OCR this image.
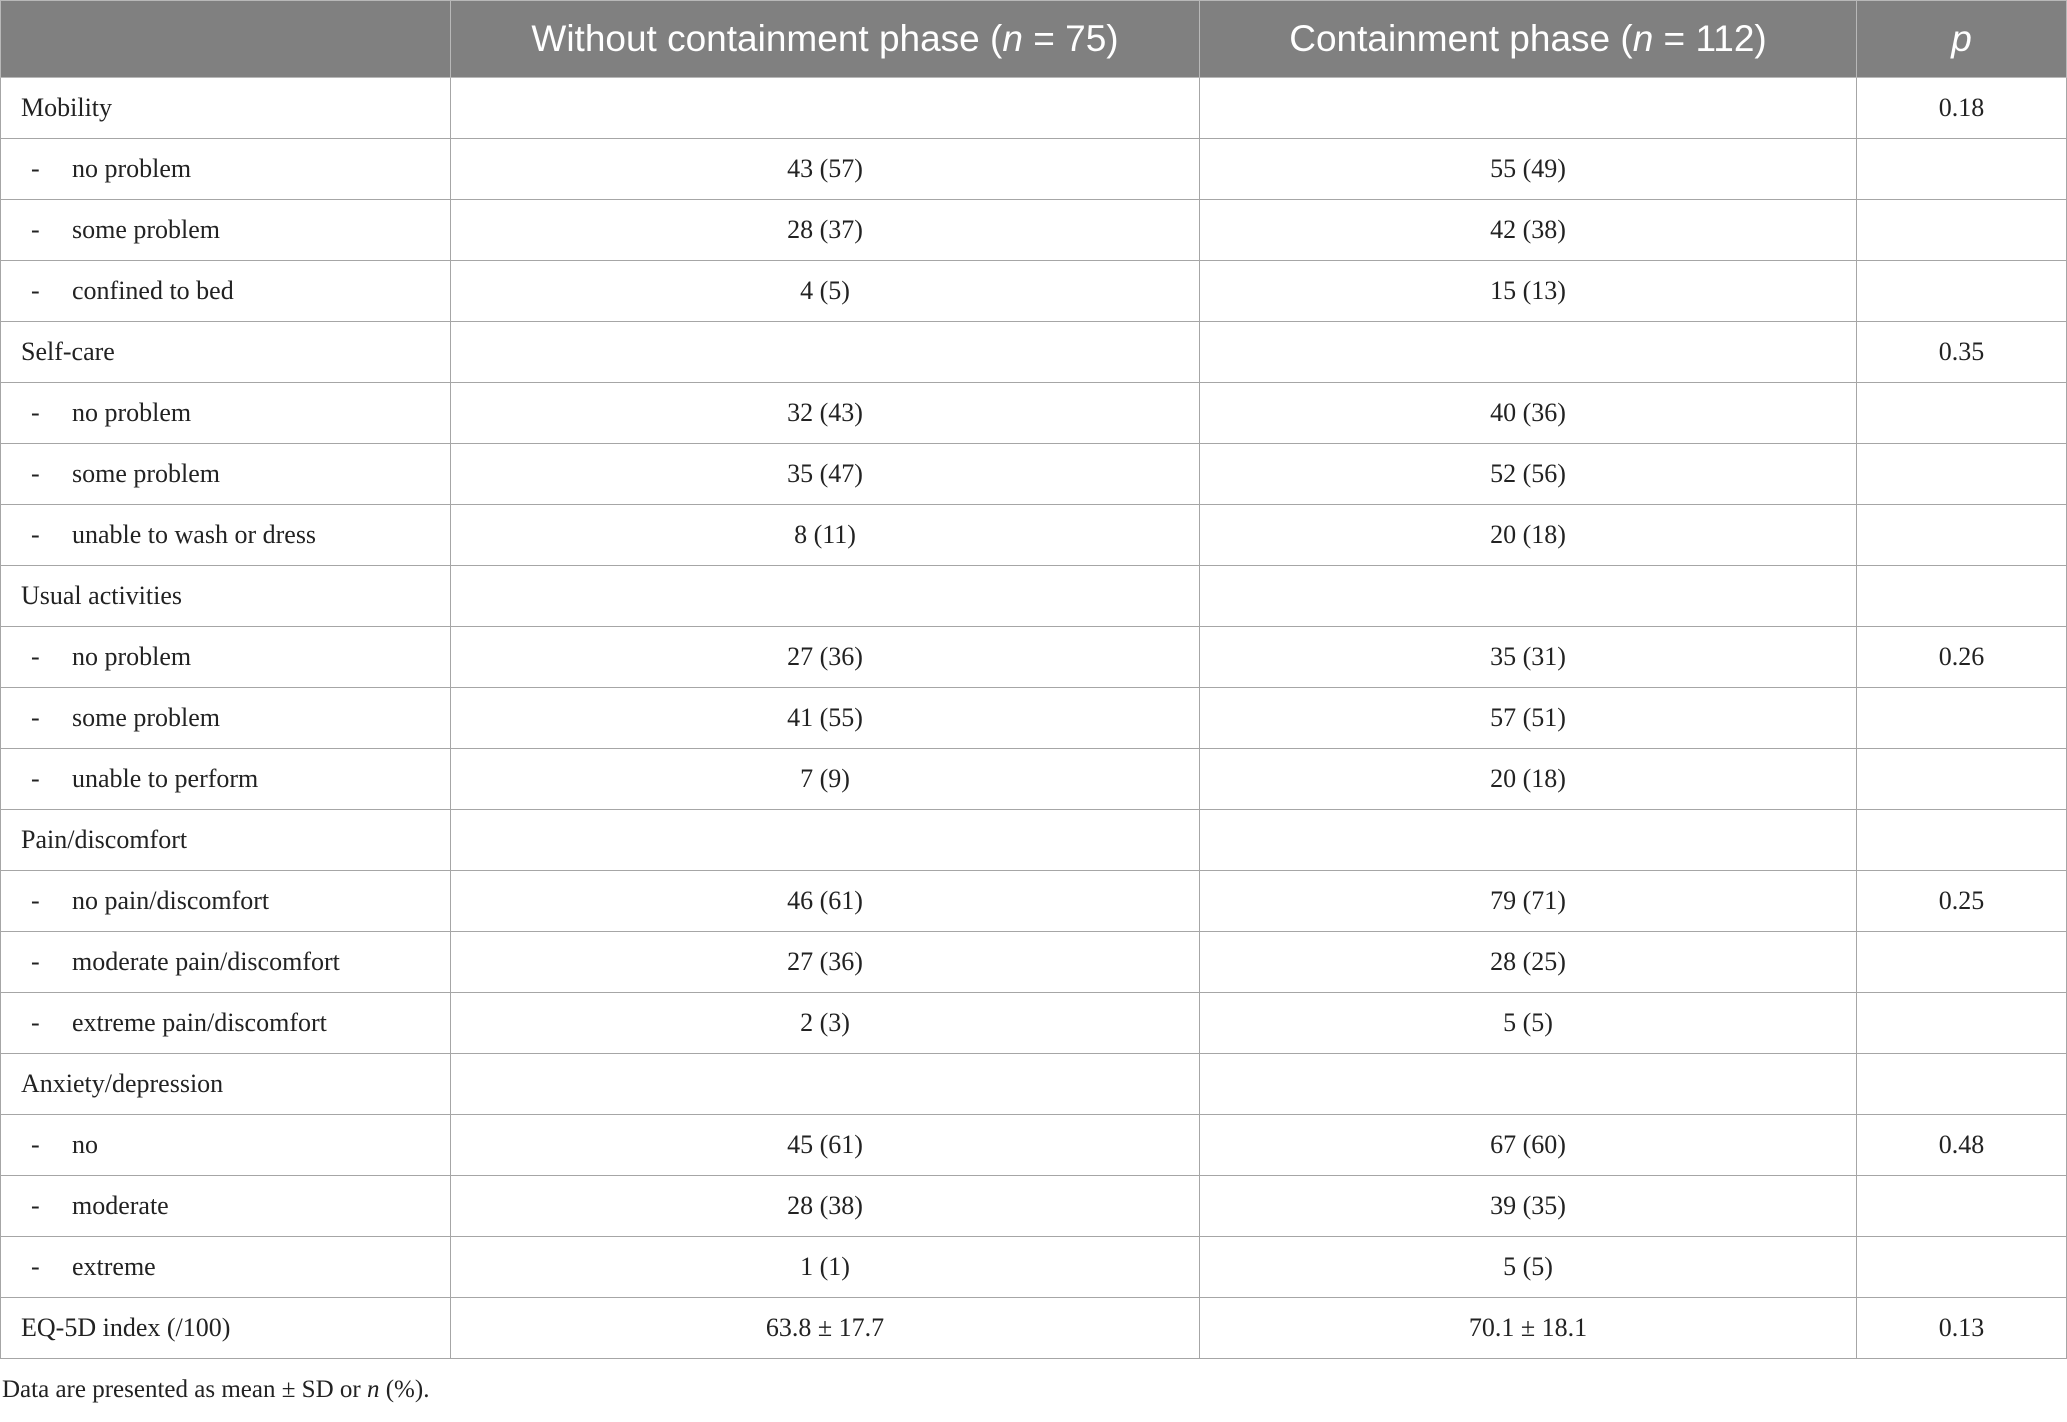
	Without containment phase (n = 75)	Containment phase (n = 112)	p
Mobility			0.18
- no problem	43 (57)	55 (49)	
- some problem	28 (37)	42 (38)	
- confined to bed	4 (5)	15 (13)	
Self-care			0.35
- no problem	32 (43)	40 (36)	
- some problem	35 (47)	52 (56)	
- unable to wash or dress	8 (11)	20 (18)	
Usual activities			
- no problem	27 (36)	35 (31)	0.26
- some problem	41 (55)	57 (51)	
- unable to perform	7 (9)	20 (18)	
Pain/discomfort			
- no pain/discomfort	46 (61)	79 (71)	0.25
- moderate pain/discomfort	27 (36)	28 (25)	
- extreme pain/discomfort	2 (3)	5 (5)	
Anxiety/depression			
- no	45 (61)	67 (60)	0.48
- moderate	28 (38)	39 (35)	
- extreme	1 (1)	5 (5)	
EQ-5D index (/100)	63.8 ± 17.7	70.1 ± 18.1	0.13
Data are presented as mean ± SD or n (%).
